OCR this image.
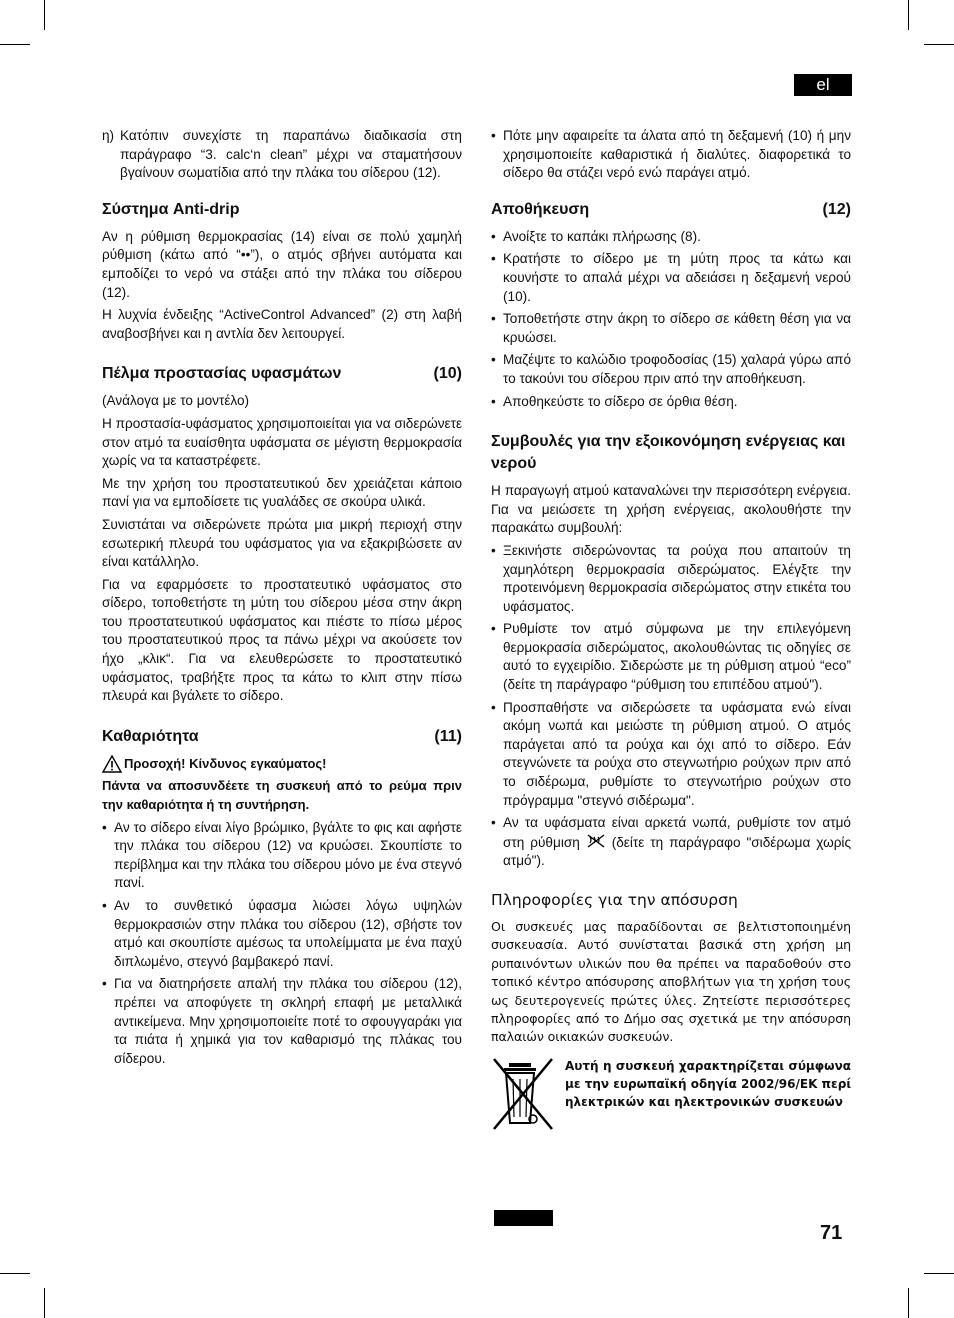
el
η) Κατόπιν συνεχίστε τη παραπάνω διαδικασία στη παράγραφο “3. calc‘n clean” μέχρι να σταματήσουν βγαίνουν σωματίδια από την πλάκα του σίδερου (12).
Σύστημα Anti-drip

Αν η ρύθμιση θερμοκρασίας (14) είναι σε πολύ χαμηλή ρύθμιση (κάτω από “••”), ο ατμός σβήνει αυτόματα και εμποδίζει το νερό να στάξει από την πλάκα του σίδερου (12).

Η λυχνία ένδειξης “ActiveControl Advanced” (2) στη λαβή αναβοσβήνει και η αντλία δεν λειτουργεί.

Πέλμα προστασίας υφασμάτων	(10)

(Ανάλογα με το μοντέλο)

Η προστασία-υφάσματος χρησιμοποιείται για να σιδερώνετε στον ατμό τα ευαίσθητα υφάσματα σε μέγιστη θερμοκρασία χωρίς να τα καταστρέφετε.

Με την χρήση του προστατευτικού δεν χρειάζεται κάποιο πανί για να εμποδίσετε τις γυαλάδες σε σκούρα υλικά.

Συνιστάται να σιδερώνετε πρώτα μια μικρή περιοχή στην εσωτερική πλευρά του υφάσματος για να εξακριβώσετε αν είναι κατάλληλο.

Για να εφαρμόσετε το προστατευτικό υφάσματος στο σίδερο, τοποθετήστε τη μύτη του σίδερου μέσα στην άκρη του προστατευτικού υφάσματος και πιέστε το πίσω μέρος του προστατευτικού προς τα πάνω μέχρι να ακούσετε τον ήχο „κλικ“. Για να ελευθερώσετε το προστατευτικό υφάσματος, τραβήξτε προς τα κάτω το κλιπ στην πίσω πλευρά και βγάλετε το σίδερο.

Καθαριότητα	(11)
Προσοχή! Κίνδυνος εγκαύματος!

Πάντα να αποσυνδέετε τη συσκευή από το ρεύμα πριν την καθαριότητα ή τη συντήρηση.

• Αν το σίδερο είναι λίγο βρώμικο, βγάλτε το φις και αφήστε την πλάκα του σίδερου (12) να κρυώσει. Σκουπίστε το περίβλημα και την πλάκα του σίδερου μόνο με ένα στεγνό πανί.
• Αν το συνθετικό ύφασμα λιώσει λόγω υψηλών θερμοκρασιών στην πλάκα του σίδερου (12), σβήστε τον ατμό και σκουπίστε αμέσως τα υπολείμματα με ένα παχύ διπλωμένο, στεγνό βαμβακερό πανί.
• Για να διατηρήσετε απαλή την πλάκα του σίδερου (12), πρέπει να αποφύγετε τη σκληρή επαφή με μεταλλικά αντικείμενα. Μην χρησιμοποιείτε ποτέ το σφουγγαράκι για τα πιάτα ή χημικά για τον καθαρισμό της πλάκας του σίδερου.
• Πότε μην αφαιρείτε τα άλατα από τη δεξαμενή (10) ή μην χρησιμοποιείτε καθαριστικά ή διαλύτες. διαφορετικά το σίδερο θα στάζει νερό ενώ παράγει ατμό.
Αποθήκευση	(12)
• Ανοίξτε το καπάκι πλήρωσης (8).
• Κρατήστε το σίδερο με τη μύτη προς τα κάτω και κουνήστε το απαλά μέχρι να αδειάσει η δεξαμενή νερού (10).
• Τοποθετήστε στην άκρη το σίδερο σε κάθετη θέση για να κρυώσει.
• Μαζέψτε το καλώδιο τροφοδοσίας (15) χαλαρά γύρω από το τακούνι του σίδερου πριν από την αποθήκευση.
• Αποθηκεύστε το σίδερο σε όρθια θέση.
Συμβουλές για την εξοικονόμηση ενέργειας και νερού

Η παραγωγή ατμού καταναλώνει την περισσότερη ενέργεια. Για να μειώσετε τη χρήση ενέργειας, ακολουθήστε την παρακάτω συμβουλή:

• Ξεκινήστε σιδερώνοντας τα ρούχα που απαιτούν τη χαμηλότερη θερμοκρασία σιδερώματος. Ελέγξτε την προτεινόμενη θερμοκρασία σιδερώματος στην ετικέτα του υφάσματος.
• Ρυθμίστε τον ατμό σύμφωνα με την επιλεγόμενη θερμοκρασία σιδερώματος, ακολουθώντας τις οδηγίες σε αυτό το εγχειρίδιο. Σιδερώστε με τη ρύθμιση ατμού “eco” (δείτε τη παράγραφο “ρύθμιση του επιπέδου ατμού").
• Προσπαθήστε να σιδερώσετε τα υφάσματα ενώ είναι ακόμη νωπά και μειώστε τη ρύθμιση ατμού. Ο ατμός παράγεται από τα ρούχα και όχι από το σίδερο. Εάν στεγνώνετε τα ρούχα στο στεγνωτήριο ρούχων πριν από το σιδέρωμα, ρυθμίστε το στεγνωτήριο ρούχων στο πρόγραμμα "στεγνό σιδέρωμα".
• Αν τα υφάσματα είναι αρκετά νωπά, ρυθμίστε τον ατμό στη ρύθμιση (δείτε τη παράγραφο "σιδέρωμα χωρίς ατμό").
Πληροφορίες για την απόσυρση

Οι συσκευές μας παραδίδονται σε βελτιστοποιημένη συσκευασία. Αυτό συνίσταται βασικά στη χρήση μη ρυπαινόντων υλικών που θα πρέπει να παραδοθούν στο τοπικό κέντρο απόσυρσης αποβλήτων για τη χρήση τους ως δευτερογενείς πρώτες ύλες. Ζητείστε περισσότερες πληροφορίες από το Δήμο σας σχετικά με την απόσυρση παλαιών οικιακών συσκευών.

Αυτή η συσκευή χαρακτηρίζεται σύμφωνα με την ευρωπαϊκή οδηγία 2002/96/ΕΚ περί ηλεκτρικών και ηλεκτρονικών συσκευών
71
